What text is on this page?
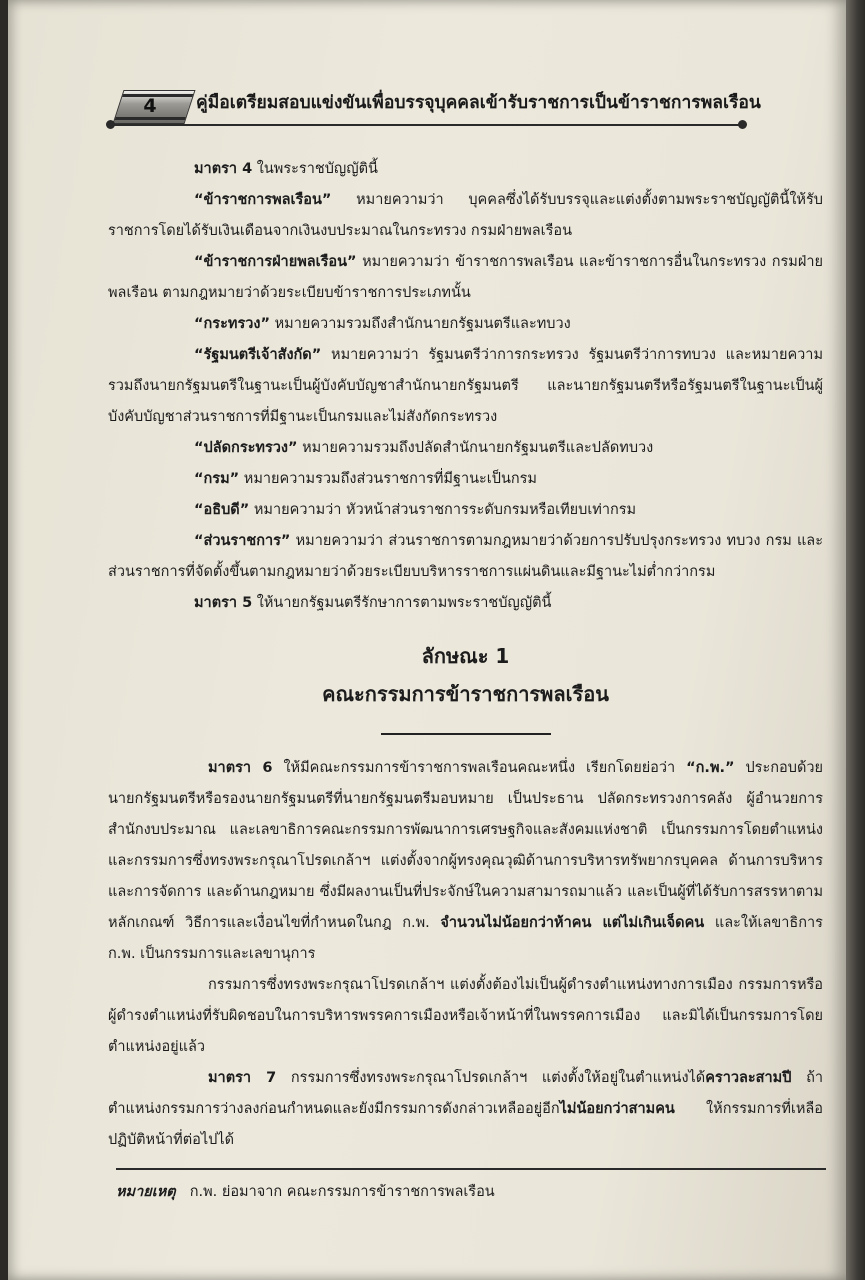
4	คู่มือเตรียมสอบแข่งขันเพื่อบรรจุบุคคลเข้ารับราชการเป็นข้าราชการพลเรือน

มาตรา 4 ในพระราชบัญญัตินี้

“ข้าราชการพลเรือน” หมายความว่า บุคคลซึ่งได้รับบรรจุและแต่งตั้งตามพระราชบัญญัตินี้ให้รับราชการโดยได้รับเงินเดือนจากเงินงบประมาณในกระทรวง กรมฝ่ายพลเรือน

“ข้าราชการฝ่ายพลเรือน” หมายความว่า ข้าราชการพลเรือน และข้าราชการอื่นในกระทรวง กรมฝ่ายพลเรือน ตามกฎหมายว่าด้วยระเบียบข้าราชการประเภทนั้น

“กระทรวง” หมายความรวมถึงสำนักนายกรัฐมนตรีและทบวง

“รัฐมนตรีเจ้าสังกัด” หมายความว่า รัฐมนตรีว่าการกระทรวง รัฐมนตรีว่าการทบวง และหมายความรวมถึงนายกรัฐมนตรีในฐานะเป็นผู้บังคับบัญชาสำนักนายกรัฐมนตรี และนายกรัฐมนตรีหรือรัฐมนตรีในฐานะเป็นผู้บังคับบัญชาส่วนราชการที่มีฐานะเป็นกรมและไม่สังกัดกระทรวง

“ปลัดกระทรวง” หมายความรวมถึงปลัดสำนักนายกรัฐมนตรีและปลัดทบวง

“กรม” หมายความรวมถึงส่วนราชการที่มีฐานะเป็นกรม

“อธิบดี” หมายความว่า หัวหน้าส่วนราชการระดับกรมหรือเทียบเท่ากรม

“ส่วนราชการ” หมายความว่า ส่วนราชการตามกฎหมายว่าด้วยการปรับปรุงกระทรวง ทบวง กรม และส่วนราชการที่จัดตั้งขึ้นตามกฎหมายว่าด้วยระเบียบบริหารราชการแผ่นดินและมีฐานะไม่ต่ำกว่ากรม

มาตรา 5 ให้นายกรัฐมนตรีรักษาการตามพระราชบัญญัตินี้

ลักษณะ 1

คณะกรรมการข้าราชการพลเรือน

มาตรา 6 ให้มีคณะกรรมการข้าราชการพลเรือนคณะหนึ่ง เรียกโดยย่อว่า “ก.พ.” ประกอบด้วยนายกรัฐมนตรีหรือรองนายกรัฐมนตรีที่นายกรัฐมนตรีมอบหมาย เป็นประธาน ปลัดกระทรวงการคลัง ผู้อำนวยการสำนักงบประมาณ และเลขาธิการคณะกรรมการพัฒนาการเศรษฐกิจและสังคมแห่งชาติ เป็นกรรมการโดยตำแหน่ง และกรรมการซึ่งทรงพระกรุณาโปรดเกล้าฯ แต่งตั้งจากผู้ทรงคุณวุฒิด้านการบริหารทรัพยากรบุคคล ด้านการบริหารและการจัดการ และด้านกฎหมาย ซึ่งมีผลงานเป็นที่ประจักษ์ในความสามารถมาแล้ว และเป็นผู้ที่ได้รับการสรรหาตามหลักเกณฑ์ วิธีการและเงื่อนไขที่กำหนดในกฎ ก.พ. จำนวนไม่น้อยกว่าห้าคน แต่ไม่เกินเจ็ดคน และให้เลขาธิการ ก.พ. เป็นกรรมการและเลขานุการ

กรรมการซึ่งทรงพระกรุณาโปรดเกล้าฯ แต่งตั้งต้องไม่เป็นผู้ดำรงตำแหน่งทางการเมือง กรรมการหรือผู้ดำรงตำแหน่งที่รับผิดชอบในการบริหารพรรคการเมืองหรือเจ้าหน้าที่ในพรรคการเมือง และมิได้เป็นกรรมการโดยตำแหน่งอยู่แล้ว

มาตรา 7 กรรมการซึ่งทรงพระกรุณาโปรดเกล้าฯ แต่งตั้งให้อยู่ในตำแหน่งได้คราวละสามปี ถ้าตำแหน่งกรรมการว่างลงก่อนกำหนดและยังมีกรรมการดังกล่าวเหลืออยู่อีกไม่น้อยกว่าสามคน ให้กรรมการที่เหลือปฏิบัติหน้าที่ต่อไปได้

หมายเหตุ ก.พ. ย่อมาจาก คณะกรรมการข้าราชการพลเรือน
